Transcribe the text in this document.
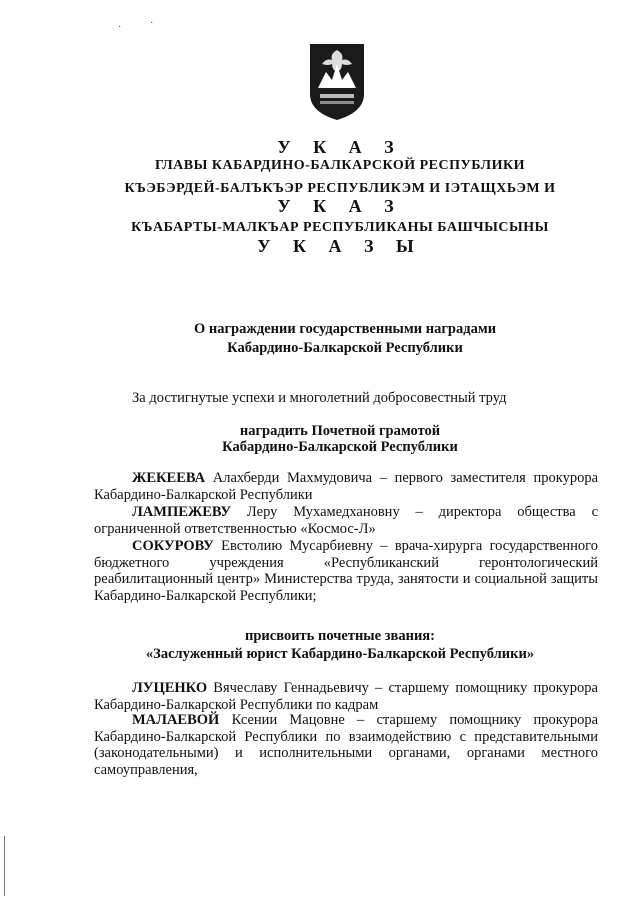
У К А З
ГЛАВЫ КАБАРДИНО-БАЛКАРСКОЙ РЕСПУБЛИКИ
КЪЭБЭРДЕЙ-БАЛЪКЪЭР РЕСПУБЛИКЭМ И ІЭТАЩХЬЭМ И
У К А З
КЪАБАРТЫ-МАЛКЪАР РЕСПУБЛИКАНЫ БАШЧЫСЫНЫ
У К А З Ы
О награждении государственными наградами
Кабардино-Балкарской Республики
За достигнутые успехи и многолетний добросовестный труд
наградить Почетной грамотой
Кабардино-Балкарской Республики
ЖЕКЕЕВА Алахберди Махмудовича – первого заместителя прокурора Кабардино-Балкарской Республики
ЛАМПЕЖЕВУ Леру Мухамедхановну – директора общества с ограниченной ответственностью «Космос-Л»
СОКУРОВУ Евстолию Мусарбиевну – врача-хирурга государственного бюджетного учреждения «Республиканский геронтологический реабилитационный центр» Министерства труда, занятости и социальной защиты Кабардино-Балкарской Республики;
присвоить почетные звания:
«Заслуженный юрист Кабардино-Балкарской Республики»
ЛУЦЕНКО Вячеславу Геннадьевичу – старшему помощнику прокурора Кабардино-Балкарской Республики по кадрам
МАЛАЕВОЙ Ксении Мацовне – старшему помощнику прокурора Кабардино-Балкарской Республики по взаимодействию с представительными (законодательными) и исполнительными органами, органами местного самоуправления,
·	·
